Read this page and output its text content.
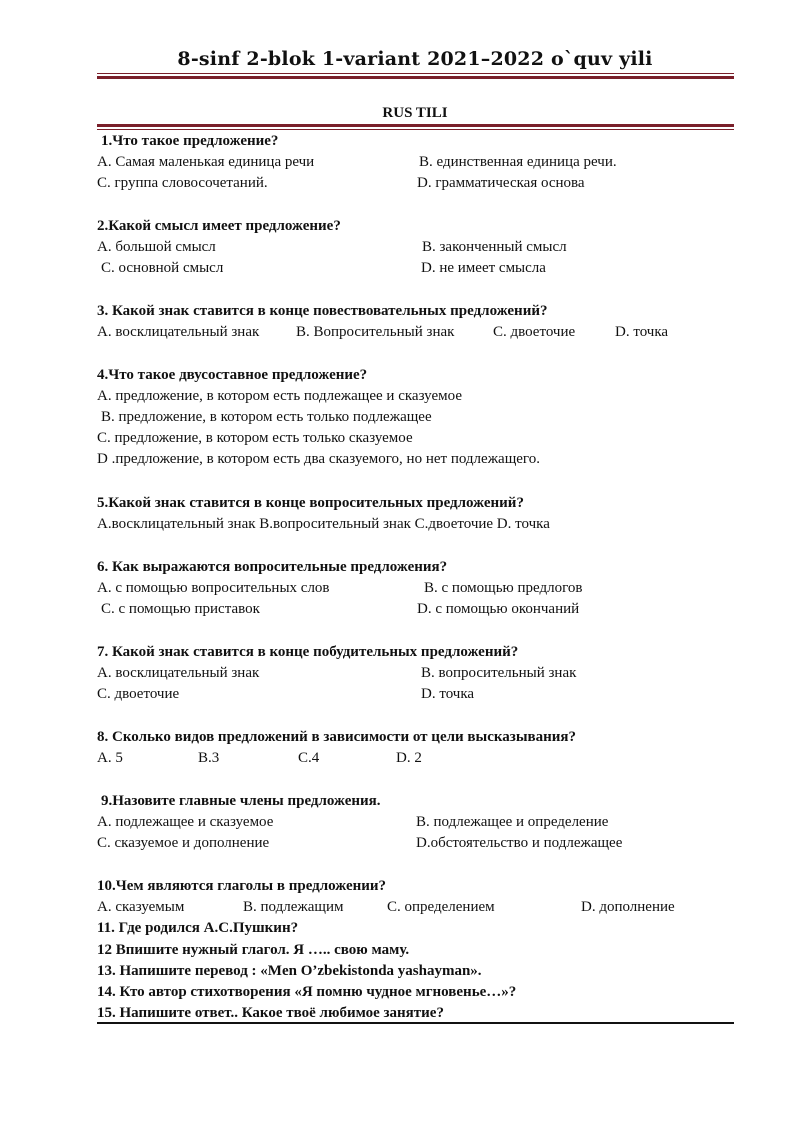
8-sinf 2-blok 1-variant 2021–2022 o`quv yili
RUS TILI
1.Что такое предложение?
A. Самая маленькая единица речи	B. единственная единица речи.
C. группа словосочетаний.	D. грамматическая основа
2.Какой смысл имеет предложение?
A. большой смысл	B. законченный смысл
C. основной смысл	D. не имеет смысла
3. Какой знак ставится в конце повествовательных предложений?
A. восклицательный знак B. Вопросительный знак	C. двоеточие	D. точка
4.Что такое двусоставное предложение?
A. предложение, в котором есть подлежащее и сказуемое
B. предложение, в котором есть только подлежащее
C. предложение, в котором есть только сказуемое
D .предложение, в котором есть два сказуемого, но нет подлежащего.
5.Какой знак ставится в конце вопросительных предложений?
A.восклицательный знак B.вопросительный знак C.двоеточие D. точка
6. Как выражаются вопросительные предложения?
A. с помощью вопросительных слов	B. с помощью предлогов
C. с помощью приставок	D. с помощью окончаний
7. Какой знак ставится в конце побудительных предложений?
A. восклицательный знак	B. вопросительный знак
C. двоеточие	D. точка
8. Сколько видов предложений в зависимости от цели высказывания?
A. 5	B.3	C.4	D. 2
9.Назовите главные члены предложения.
A. подлежащее и сказуемое	B. подлежащее и определение
C. сказуемое и дополнение	D.обстоятельство и подлежащее
10.Чем являются глаголы в предложении?
A. сказуемым	B. подлежащим	C. определением	D. дополнение
11. Где родился А.С.Пушкин?
12 Впишите нужный глагол. Я ….. свою маму.
13. Напишите перевод : «Men O’zbekistonda yashayman».
14. Кто автор стихотворения «Я помню чудное мгновенье…»?
15. Напишите ответ.. Какое твоё любимое занятие?
